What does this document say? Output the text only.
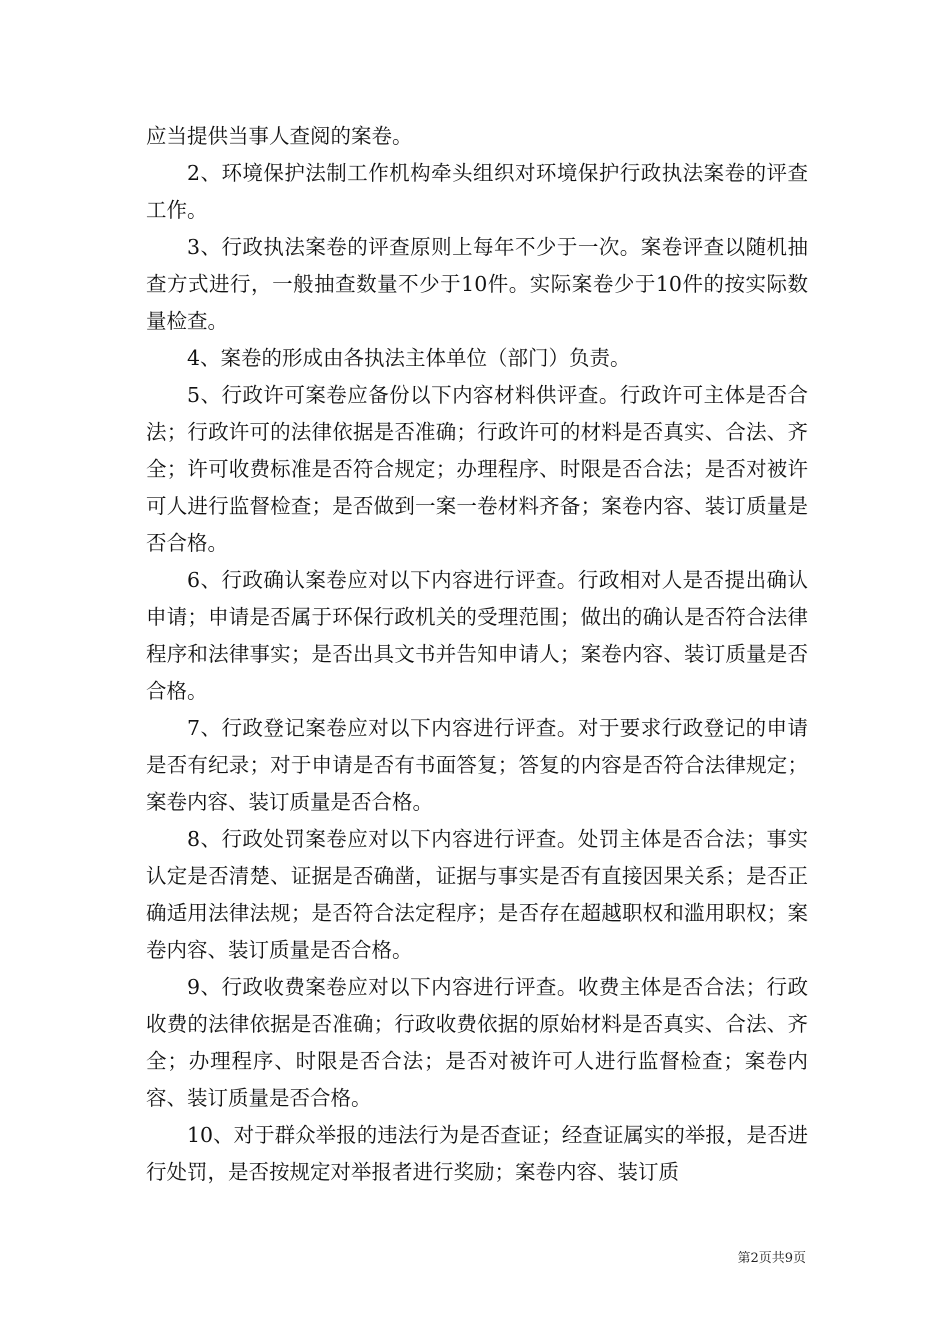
应当提供当事人查阅的案卷。

2、环境保护法制工作机构牵头组织对环境保护行政执法案卷的评查工作。

3、行政执法案卷的评查原则上每年不少于一次。案卷评查以随机抽查方式进行，一般抽查数量不少于10件。实际案卷少于10件的按实际数量检查。

4、案卷的形成由各执法主体单位（部门）负责。

5、行政许可案卷应备份以下内容材料供评查。行政许可主体是否合法；行政许可的法律依据是否准确；行政许可的材料是否真实、合法、齐全；许可收费标准是否符合规定；办理程序、时限是否合法；是否对被许可人进行监督检查；是否做到一案一卷材料齐备；案卷内容、装订质量是否合格。

6、行政确认案卷应对以下内容进行评查。行政相对人是否提出确认申请；申请是否属于环保行政机关的受理范围；做出的确认是否符合法律程序和法律事实；是否出具文书并告知申请人；案卷内容、装订质量是否合格。

7、行政登记案卷应对以下内容进行评查。对于要求行政登记的申请是否有纪录；对于申请是否有书面答复；答复的内容是否符合法律规定；案卷内容、装订质量是否合格。

8、行政处罚案卷应对以下内容进行评查。处罚主体是否合法；事实认定是否清楚、证据是否确凿，证据与事实是否有直接因果关系；是否正确适用法律法规；是否符合法定程序；是否存在超越职权和滥用职权；案卷内容、装订质量是否合格。

9、行政收费案卷应对以下内容进行评查。收费主体是否合法；行政收费的法律依据是否准确；行政收费依据的原始材料是否真实、合法、齐全；办理程序、时限是否合法；是否对被许可人进行监督检查；案卷内容、装订质量是否合格。

10、对于群众举报的违法行为是否查证；经查证属实的举报，是否进行处罚，是否按规定对举报者进行奖励；案卷内容、装订质

第2页共9页
